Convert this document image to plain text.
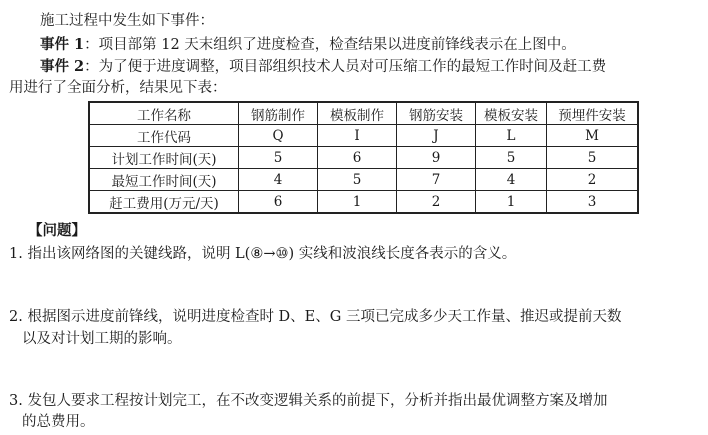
施工过程中发生如下事件：
事件 1：项目部第 12 天末组织了进度检查，检查结果以进度前锋线表示在上图中。
事件 2：为了便于进度调整，项目部组织技术人员对可压缩工作的最短工作时间及赶工费
用进行了全面分析，结果见下表：
工作名称	钢筋制作	模板制作	钢筋安装	模板安装	预埋件安装
工作代码	Q	I	J	L	M
计划工作时间(天)	5	6	9	5	5
最短工作时间(天)	4	5	7	4	2
赶工费用(万元/天)	6	1	2	1	3
【问题】
1. 指出该网络图的关键线路，说明 L(⑧→⑩) 实线和波浪线长度各表示的含义。
2. 根据图示进度前锋线，说明进度检查时 D、E、G 三项已完成多少天工作量、推迟或提前天数
以及对计划工期的影响。
3. 发包人要求工程按计划完工，在不改变逻辑关系的前提下，分析并指出最优调整方案及增加
的总费用。
